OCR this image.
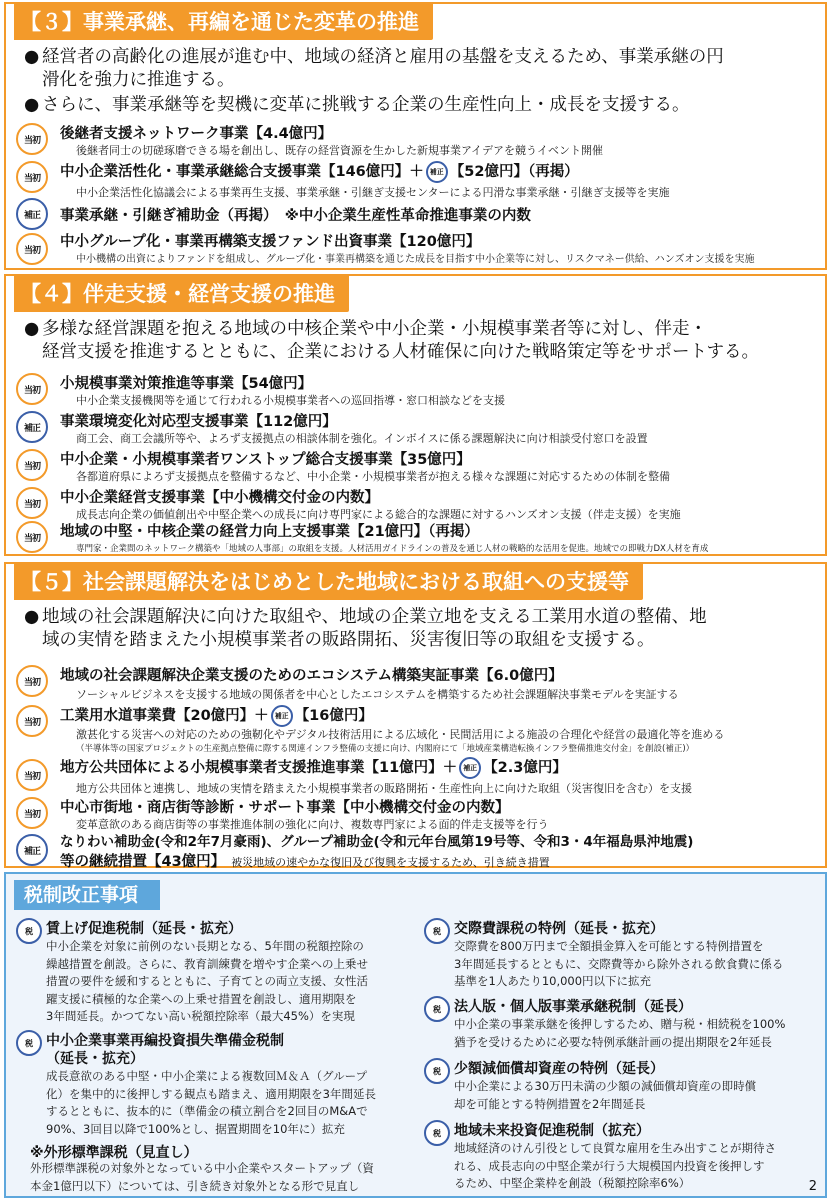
【３】事業承継、再編を通じた変革の推進
● 経営者の高齢化の進展が進む中、地域の経済と雇用の基盤を支えるため、事業承継の円
滑化を強力に推進する。
● さらに、事業承継等を契機に変革に挑戦する企業の生産性向上・成長を支援する。
当初	後継者支援ネットワーク事業【4.4億円】
後継者同士の切磋琢磨できる場を創出し、既存の経営資源を生かした新規事業アイデアを競うイベント開催
当初	中小企業活性化・事業承継総合支援事業【146億円】＋ 補正 【52億円】（再掲）
中小企業活性化協議会による事業再生支援、事業承継・引継ぎ支援センターによる円滑な事業承継・引継ぎ支援等を実施
補正	事業承継・引継ぎ補助金（再掲）　※中小企業生産性革命推進事業の内数
当初
中小グループ化・事業再構築支援ファンド出資事業【120億円】
中小機構の出資によりファンドを組成し、グループ化・事業再構築を通じた成長を目指す中小企業等に対し、リスクマネー供給、ハンズオン支援を実施
【４】伴走支援・経営支援の推進
● 多様な経営課題を抱える地域の中核企業や中小企業・小規模事業者等に対し、伴走・
経営支援を推進するとともに、企業における人材確保に向けた戦略策定等をサポートする。
当初	小規模事業対策推進等事業【54億円】
中小企業支援機関等を通じて行われる小規模事業者への巡回指導・窓口相談などを支援
補正	事業環境変化対応型支援事業【112億円】
商工会、商工会議所等や、よろず支援拠点の相談体制を強化。インボイスに係る課題解決に向け相談受付窓口を設置
当初	中小企業・小規模事業者ワンストップ総合支援事業【35億円】
各都道府県によろず支援拠点を整備するなど、中小企業・小規模事業者が抱える様々な課題に対応するための体制を整備
当初	中小企業経営支援事業【中小機構交付金の内数】
成長志向企業の価値創出や中堅企業への成長に向け専門家による総合的な課題に対するハンズオン支援（伴走支援）を実施
当初	地域の中堅・中核企業の経営力向上支援事業【21億円】（再掲）
専門家・企業間のネットワーク構築や「地域の人事部」の取組を支援。人材活用ガイドラインの普及を通じ人材の戦略的な活用を促進。地域での即戦力DX人材を育成
【５】社会課題解決をはじめとした地域における取組への支援等
● 地域の社会課題解決に向けた取組や、地域の企業立地を支える工業用水道の整備、地
域の実情を踏まえた小規模事業者の販路開拓、災害復旧等の取組を支援する。
当初	地域の社会課題解決企業支援のためのエコシステム構築実証事業【6.0億円】
ソーシャルビジネスを支援する地域の関係者を中心としたエコシステムを構築するため社会課題解決事業モデルを実証する
当初	工業用水道事業費【20億円】＋ 補正 【16億円】
激甚化する災害への対応のための強靭化やデジタル技術活用による広域化・民間活用による施設の合理化や経営の最適化等を進める
（半導体等の国家プロジェクトの生産拠点整備に際する関連インフラ整備の支援に向け、内閣府にて「地域産業構造転換インフラ整備推進交付金」を創設(補正)）
当初
地方公共団体による小規模事業者支援推進事業【11億円】＋ 補正 【2.3億円】
地方公共団体と連携し、地域の実情を踏まえた小規模事業者の販路開拓・生産性向上に向けた取組（災害復旧を含む）を支援
当初	中心市街地・商店街等診断・サポート事業【中小機構交付金の内数】
変革意欲のある商店街等の事業推進体制の強化に向け、複数専門家による面的伴走支援等を行う
補正
なりわい補助金(令和2年7月豪雨)、グループ補助金(令和元年台風第19号等、令和3・4年福島県沖地震)
等の継続措置【43億円】 被災地域の速やかな復旧及び復興を支援するため、引き続き措置
税制改正事項
税 賃上げ促進税制（延長・拡充）
中小企業を対象に前例のない長期となる、5年間の税額控除の
繰越措置を創設。さらに、教育訓練費を増やす企業への上乗せ
措置の要件を緩和するとともに、子育てとの両立支援、女性活
躍支援に積極的な企業への上乗せ措置を創設し、適用期限を
3年間延長。かつてない高い税額控除率（最大45%）を実現
税 中小企業事業再編投資損失準備金税制
（延長・拡充）
成長意欲のある中堅・中小企業による複数回Ｍ＆Ａ（グループ
化）を集中的に後押しする観点も踏まえ、適用期限を3年間延長
するとともに、抜本的に（準備金の積立割合を2回目のM&Aで
90%、3回目以降で100%とし、据置期間を10年に）拡充
※外形標準課税（見直し）
外形標準課税の対象外となっている中小企業やスタートアップ（資
本金1億円以下）については、引き続き対象外となる形で見直し
税 交際費課税の特例（延長・拡充）
交際費を800万円まで全額損金算入を可能とする特例措置を
3年間延長するとともに、交際費等から除外される飲食費に係る
基準を1人あたり10,000円以下に拡充
税 法人版・個人版事業承継税制（延長）
中小企業の事業承継を後押しするため、贈与税・相続税を100%
猶予を受けるために必要な特例承継計画の提出期限を2年延長
税 少額減価償却資産の特例（延長）
中小企業による30万円未満の少額の減価償却資産の即時償
却を可能とする特例措置を2年間延長
税 地域未来投資促進税制（拡充）
地域経済のけん引役として良質な雇用を生み出すことが期待さ
れる、成長志向の中堅企業が行う大規模国内投資を後押しす
るため、中堅企業枠を創設（税額控除率6%）	2
